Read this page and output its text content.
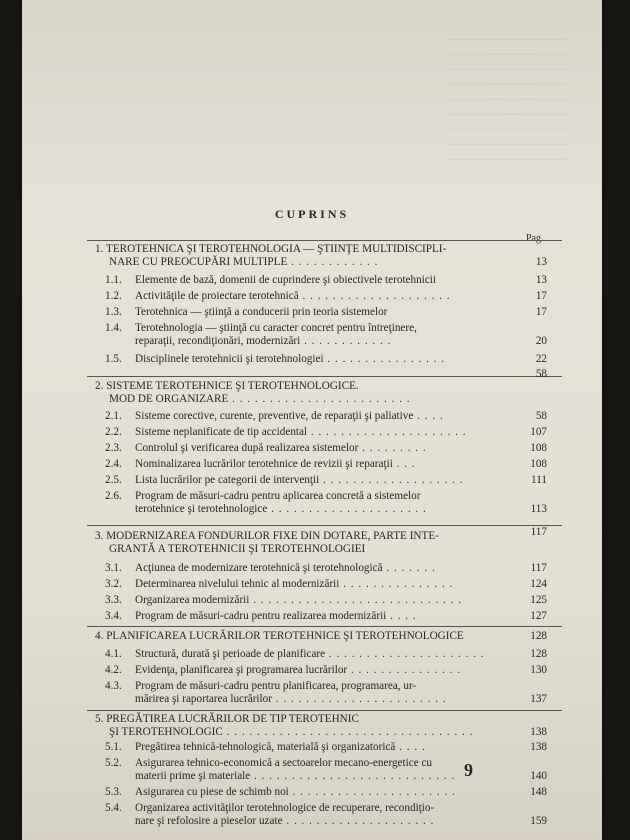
...........................................
...........................................
...........................................
...........................................
...........................................
...........................................
...........................................
...........................................
...........................................
CUPRINS
Pag.
1. TEROTEHNICA ŞI TEROTEHNOLOGIA — ŞTIINŢE MULTIDISCIPLI-
NARE CU PREOCUPĂRI MULTIPLE . . . . . . . . . . . .	13
1.1.	Elemente de bază, domenii de cuprindere şi obiectivele terotehnicii	13
1.2.	Activităţile de proiectare terotehnică . . . . . . . . . . . . . . . . . . . .	17
1.3.	Terotehnica — ştiinţă a conducerii prin teoria sistemelor	17
1.4.	Terotehnologia — ştiinţă cu caracter concret pentru întreţinere,
reparaţii, recondiţionări, modernizări . . . . . . . . . . . .	20
1.5.	Disciplinele terotehnicii şi terotehnologiei . . . . . . . . . . . . . . . .	22
2. SISTEME TEROTEHNICE ŞI TEROTEHNOLOGICE.
MOD DE ORGANIZARE . . . . . . . . . . . . . . . . . . . . . . . .
58
2.1.	Sisteme corective, curente, preventive, de reparaţii şi paliative . . . .	58
2.2.	Sisteme neplanificate de tip accidental . . . . . . . . . . . . . . . . . . . . .	107
2.3.	Controlul şi verificarea după realizarea sistemelor . . . . . . . . .	108
2.4.	Nominalizarea lucrărilor terotehnice de revizii şi reparaţii . . .	108
2.5.	Lista lucrărilor pe categorii de intervenţii . . . . . . . . . . . . . . . . . . .	111
2.6.	Program de măsuri-cadru pentru aplicarea concretă a sistemelor
terotehnice şi terotehnologice . . . . . . . . . . . . . . . . . . . . .	113
3. MODERNIZAREA FONDURILOR FIXE DIN DOTARE, PARTE INTE-
GRANTĂ A TEROTEHNICII ŞI TEROTEHNOLOGIEI
117
3.1.	Acţiunea de modernizare terotehnică şi terotehnologică . . . . . . .	117
3.2.	Determinarea nivelului tehnic al modernizării . . . . . . . . . . . . . . .	124
3.3.	Organizarea modernizării . . . . . . . . . . . . . . . . . . . . . . . . . . . .	125
3.4.	Program de măsuri-cadru pentru realizarea modernizării . . . .	127
4. PLANIFICAREA LUCRĂRILOR TEROTEHNICE ŞI TEROTEHNOLOGICE	128
4.1.	Structură, durată şi perioade de planificare . . . . . . . . . . . . . . . . . . . . .	128
4.2.	Evidenţa, planificarea şi programarea lucrărilor . . . . . . . . . . . . . . .	130
4.3.	Program de măsuri-cadru pentru planificarea, programarea, ur-
mărirea şi raportarea lucrărilor . . . . . . . . . . . . . . . . . . . . . . .	137
5. PREGĂTIREA LUCRĂRILOR DE TIP TEROTEHNIC
ŞI TEROTEHNOLOGIC . . . . . . . . . . . . . . . . . . . . . . . . . . . . . . . . .	138
5.1.	Pregătirea tehnică-tehnologică, materială şi organizatorică . . . .	138
5.2.	Asigurarea tehnico-economică a sectoarelor mecano-energetice cu
materii prime şi materiale . . . . . . . . . . . . . . . . . . . . . . . . . . .	140
5.3.	Asigurarea cu piese de schimb noi . . . . . . . . . . . . . . . . . . . . . .	148
5.4.	Organizarea activităţilor terotehnologice de recuperare, recondiţio-
nare şi refolosire a pieselor uzate . . . . . . . . . . . . . . . . . . . .	159
9
